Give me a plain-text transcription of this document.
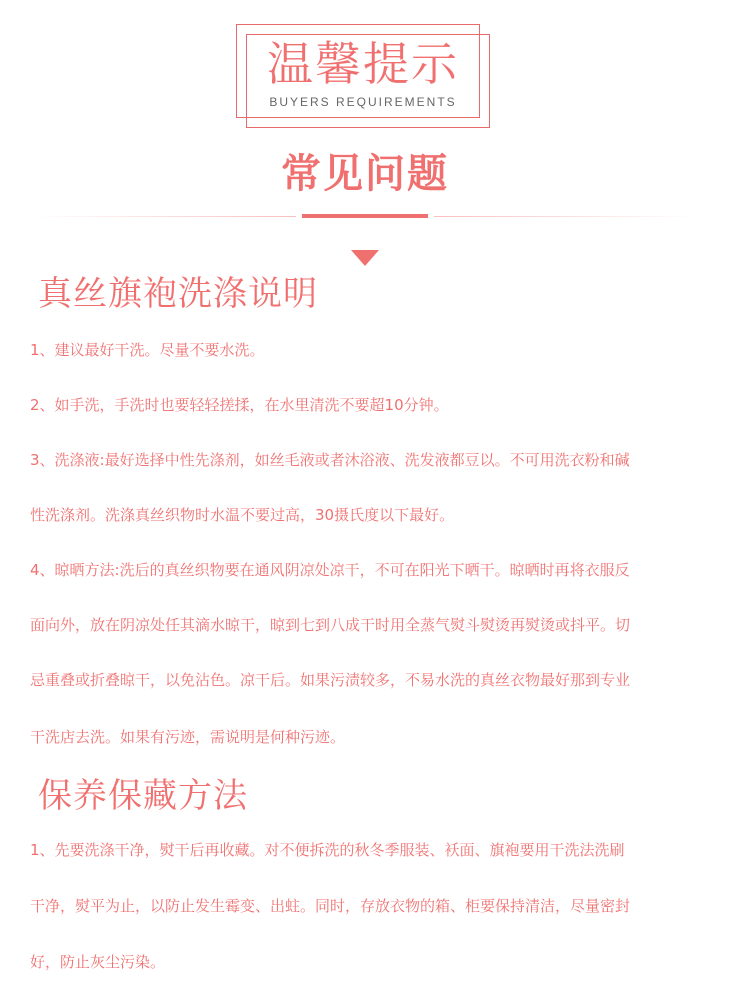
温馨提示
BUYERS REQUIREMENTS
常见问题
真丝旗袍洗涤说明
1、建议最好干洗。尽量不要水洗。
2、如手洗，手洗时也要轻轻搓揉，在水里清洗不要超10分钟。
3、洗涤液:最好选择中性先涤剂，如丝毛液或者沐浴液、洗发液都豆以。不可用洗衣粉和碱
性洗涤剂。洗涤真丝织物时水温不要过高，30摄氏度以下最好。
4、晾晒方法:洗后的真丝织物要在通风阴凉处凉干，不可在阳光下晒干。晾晒时再将衣服反
面向外，放在阴凉处任其滴水晾干，晾到七到八成干时用全蒸气熨斗熨烫再熨烫或抖平。切
忌重叠或折叠晾干，以免沾色。凉干后。如果污渍较多，不易水洗的真丝衣物最好那到专业
干洗店去洗。如果有污迹，需说明是何种污迹。
保养保藏方法
1、先要洗涤干净，熨干后再收藏。对不便拆洗的秋冬季服装、袄面、旗袍要用干洗法洗刷
干净，熨平为止，以防止发生霉变、出蛀。同时，存放衣物的箱、柜要保持清洁，尽量密封
好，防止灰尘污染。
